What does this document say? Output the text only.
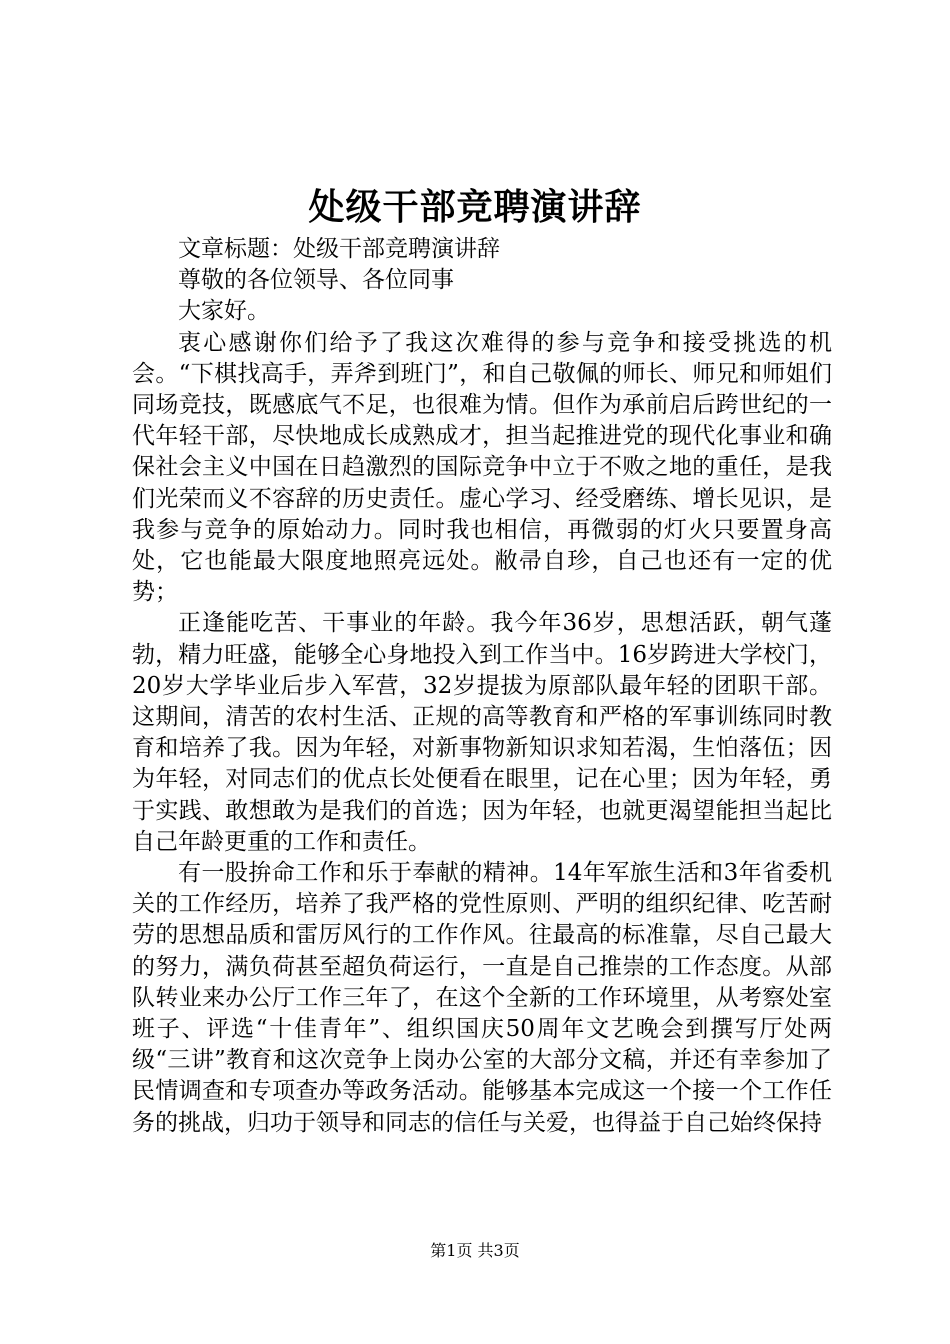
处级干部竞聘演讲辞

文章标题：处级干部竞聘演讲辞

尊敬的各位领导、各位同事

大家好。

衷心感谢你们给予了我这次难得的参与竞争和接受挑选的机会。“下棋找高手，弄斧到班门”，和自己敬佩的师长、师兄和师姐们同场竞技，既感底气不足，也很难为情。但作为承前启后跨世纪的一代年轻干部，尽快地成长成熟成才，担当起推进党的现代化事业和确保社会主义中国在日趋激烈的国际竞争中立于不败之地的重任，是我们光荣而义不容辞的历史责任。虚心学习、经受磨练、增长见识，是我参与竞争的原始动力。同时我也相信，再微弱的灯火只要置身高处，它也能最大限度地照亮远处。敝帚自珍，自己也还有一定的优势；

正逢能吃苦、干事业的年龄。我今年36岁，思想活跃，朝气蓬勃，精力旺盛，能够全心身地投入到工作当中。16岁跨进大学校门，20岁大学毕业后步入军营，32岁提拔为原部队最年轻的团职干部。这期间，清苦的农村生活、正规的高等教育和严格的军事训练同时教育和培养了我。因为年轻，对新事物新知识求知若渴，生怕落伍；因为年轻，对同志们的优点长处便看在眼里，记在心里；因为年轻，勇于实践、敢想敢为是我们的首选；因为年轻，也就更渴望能担当起比自己年龄更重的工作和责任。

有一股拚命工作和乐于奉献的精神。14年军旅生活和3年省委机关的工作经历，培养了我严格的党性原则、严明的组织纪律、吃苦耐劳的思想品质和雷厉风行的工作作风。往最高的标准靠，尽自己最大的努力，满负荷甚至超负荷运行，一直是自己推崇的工作态度。从部队转业来办公厅工作三年了，在这个全新的工作环境里，从考察处室班子、评选“十佳青年”、组织国庆50周年文艺晚会到撰写厅处两级“三讲”教育和这次竞争上岗办公室的大部分文稿，并还有幸参加了民情调查和专项查办等政务活动。能够基本完成这一个接一个工作任务的挑战，归功于领导和同志的信任与关爱，也得益于自己始终保持

第1页 共3页
